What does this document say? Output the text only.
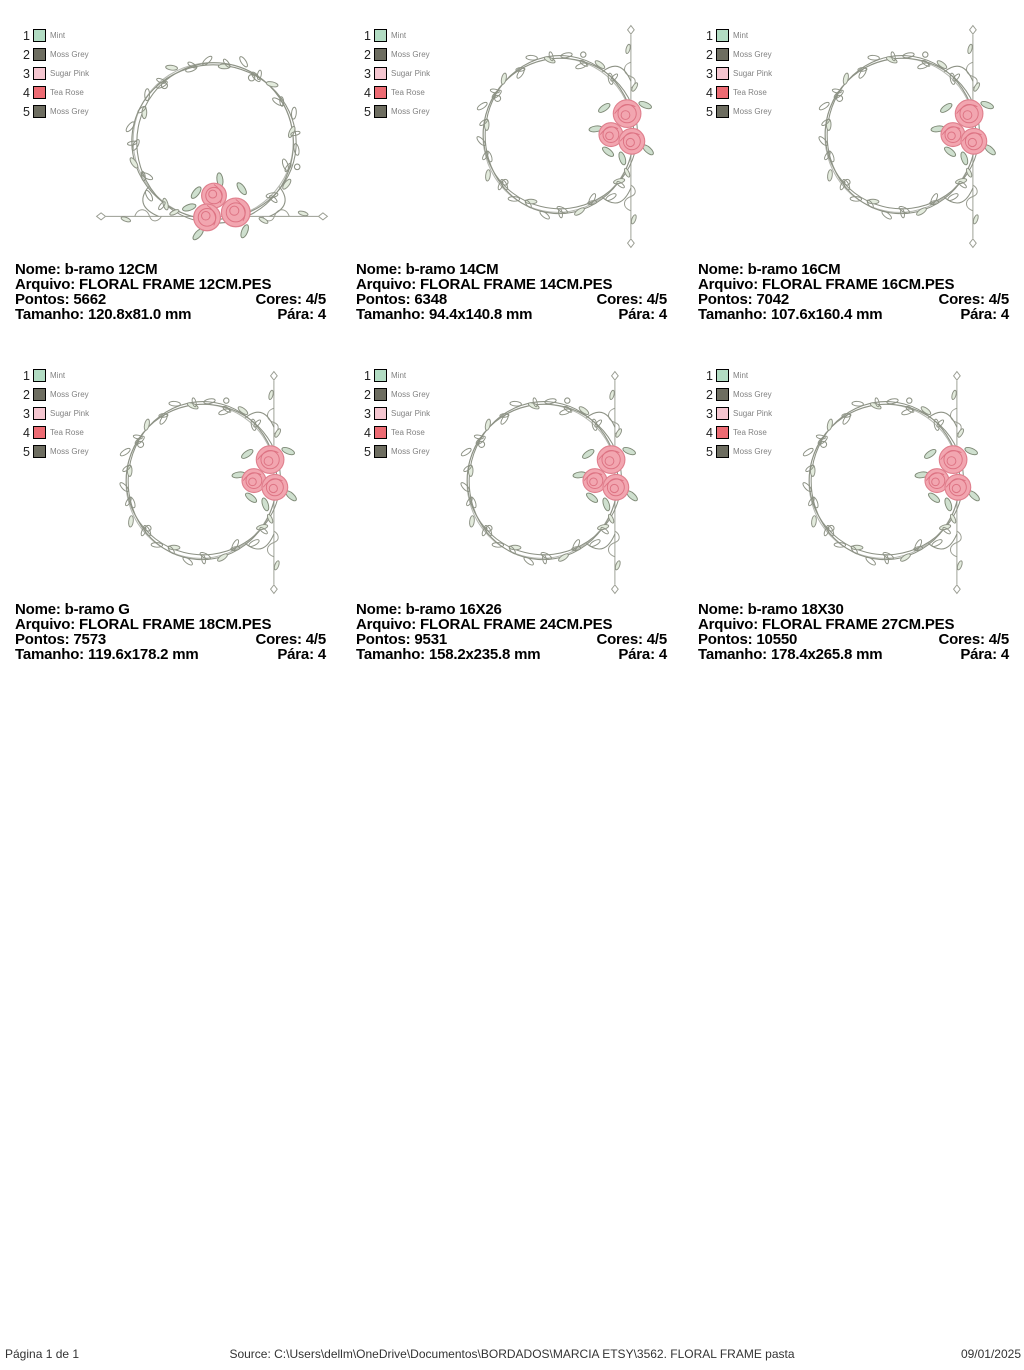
1	Mint
2	Moss Grey
3	Sugar Pink
4	Tea Rose
5	Moss Grey
Nome: b-ramo 12CM
Arquivo: FLORAL FRAME 12CM.PES
Pontos: 5662	Cores: 4/5
Tamanho: 120.8x81.0 mm	Pára: 4
1	Mint
2	Moss Grey
3	Sugar Pink
4	Tea Rose
5	Moss Grey
Nome: b-ramo 14CM
Arquivo: FLORAL FRAME 14CM.PES
Pontos: 6348	Cores: 4/5
Tamanho: 94.4x140.8 mm	Pára: 4
1	Mint
2	Moss Grey
3	Sugar Pink
4	Tea Rose
5	Moss Grey
Nome: b-ramo 16CM
Arquivo: FLORAL FRAME 16CM.PES
Pontos: 7042	Cores: 4/5
Tamanho: 107.6x160.4 mm	Pára: 4
1	Mint
2	Moss Grey
3	Sugar Pink
4	Tea Rose
5	Moss Grey
Nome: b-ramo G
Arquivo: FLORAL FRAME 18CM.PES
Pontos: 7573	Cores: 4/5
Tamanho: 119.6x178.2 mm	Pára: 4
1	Mint
2	Moss Grey
3	Sugar Pink
4	Tea Rose
5	Moss Grey
Nome: b-ramo 16X26
Arquivo: FLORAL FRAME 24CM.PES
Pontos: 9531	Cores: 4/5
Tamanho: 158.2x235.8 mm	Pára: 4
1	Mint
2	Moss Grey
3	Sugar Pink
4	Tea Rose
5	Moss Grey
Nome: b-ramo 18X30
Arquivo: FLORAL FRAME 27CM.PES
Pontos: 10550	Cores: 4/5
Tamanho: 178.4x265.8 mm	Pára: 4
Página 1 de 1	Source: C:\Users\dellm\OneDrive\Documentos\BORDADOS\MARCIA ETSY\3562. FLORAL FRAME pasta	09/01/2025
